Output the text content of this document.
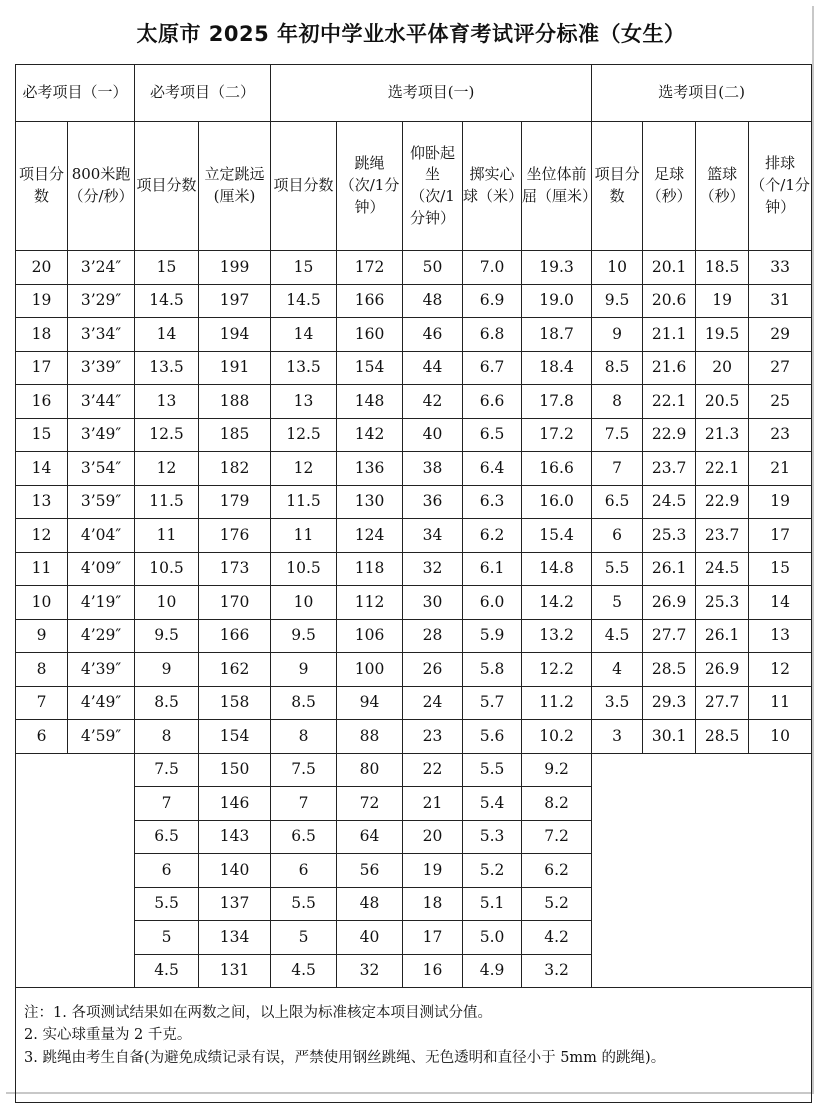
太原市 2025 年初中学业水平体育考试评分标准（女生）
必考项目（一）		必考项目（二）		选考项目(一)					选考项目(二)			
项目分数	800米跑（分/秒）	项目分数	立定跳远(厘米)	项目分数	跳绳（次/1分钟）	仰卧起坐（次/1分钟）	掷实心球（米）	坐位体前屈（厘米）	项目分数	足球（秒）	篮球（秒）	排球（个/1分钟）
20	3’24″	15	199	15	172	50	7.0	19.3	10	20.1	18.5	33
19	3’29″	14.5	197	14.5	166	48	6.9	19.0	9.5	20.6	19	31
18	3’34″	14	194	14	160	46	6.8	18.7	9	21.1	19.5	29
17	3’39″	13.5	191	13.5	154	44	6.7	18.4	8.5	21.6	20	27
16	3’44″	13	188	13	148	42	6.6	17.8	8	22.1	20.5	25
15	3’49″	12.5	185	12.5	142	40	6.5	17.2	7.5	22.9	21.3	23
14	3’54″	12	182	12	136	38	6.4	16.6	7	23.7	22.1	21
13	3’59″	11.5	179	11.5	130	36	6.3	16.0	6.5	24.5	22.9	19
12	4’04″	11	176	11	124	34	6.2	15.4	6	25.3	23.7	17
11	4’09″	10.5	173	10.5	118	32	6.1	14.8	5.5	26.1	24.5	15
10	4’19″	10	170	10	112	30	6.0	14.2	5	26.9	25.3	14
9	4’29″	9.5	166	9.5	106	28	5.9	13.2	4.5	27.7	26.1	13
8	4’39″	9	162	9	100	26	5.8	12.2	4	28.5	26.9	12
7	4’49″	8.5	158	8.5	94	24	5.7	11.2	3.5	29.3	27.7	11
6	4’59″	8	154	8	88	23	5.6	10.2	3	30.1	28.5	10
		7.5	150	7.5	80	22	5.5	9.2				
		7	146	7	72	21	5.4	8.2				
		6.5	143	6.5	64	20	5.3	7.2				
		6	140	6	56	19	5.2	6.2				
		5.5	137	5.5	48	18	5.1	5.2				
		5	134	5	40	17	5.0	4.2				
		4.5	131	4.5	32	16	4.9	3.2				

注：1. 各项测试结果如在两数之间，以上限为标准核定本项目测试分值。
2. 实心球重量为 2 千克。
3. 跳绳由考生自备(为避免成绩记录有误，严禁使用钢丝跳绳、无色透明和直径小于 5mm 的跳绳)。												
